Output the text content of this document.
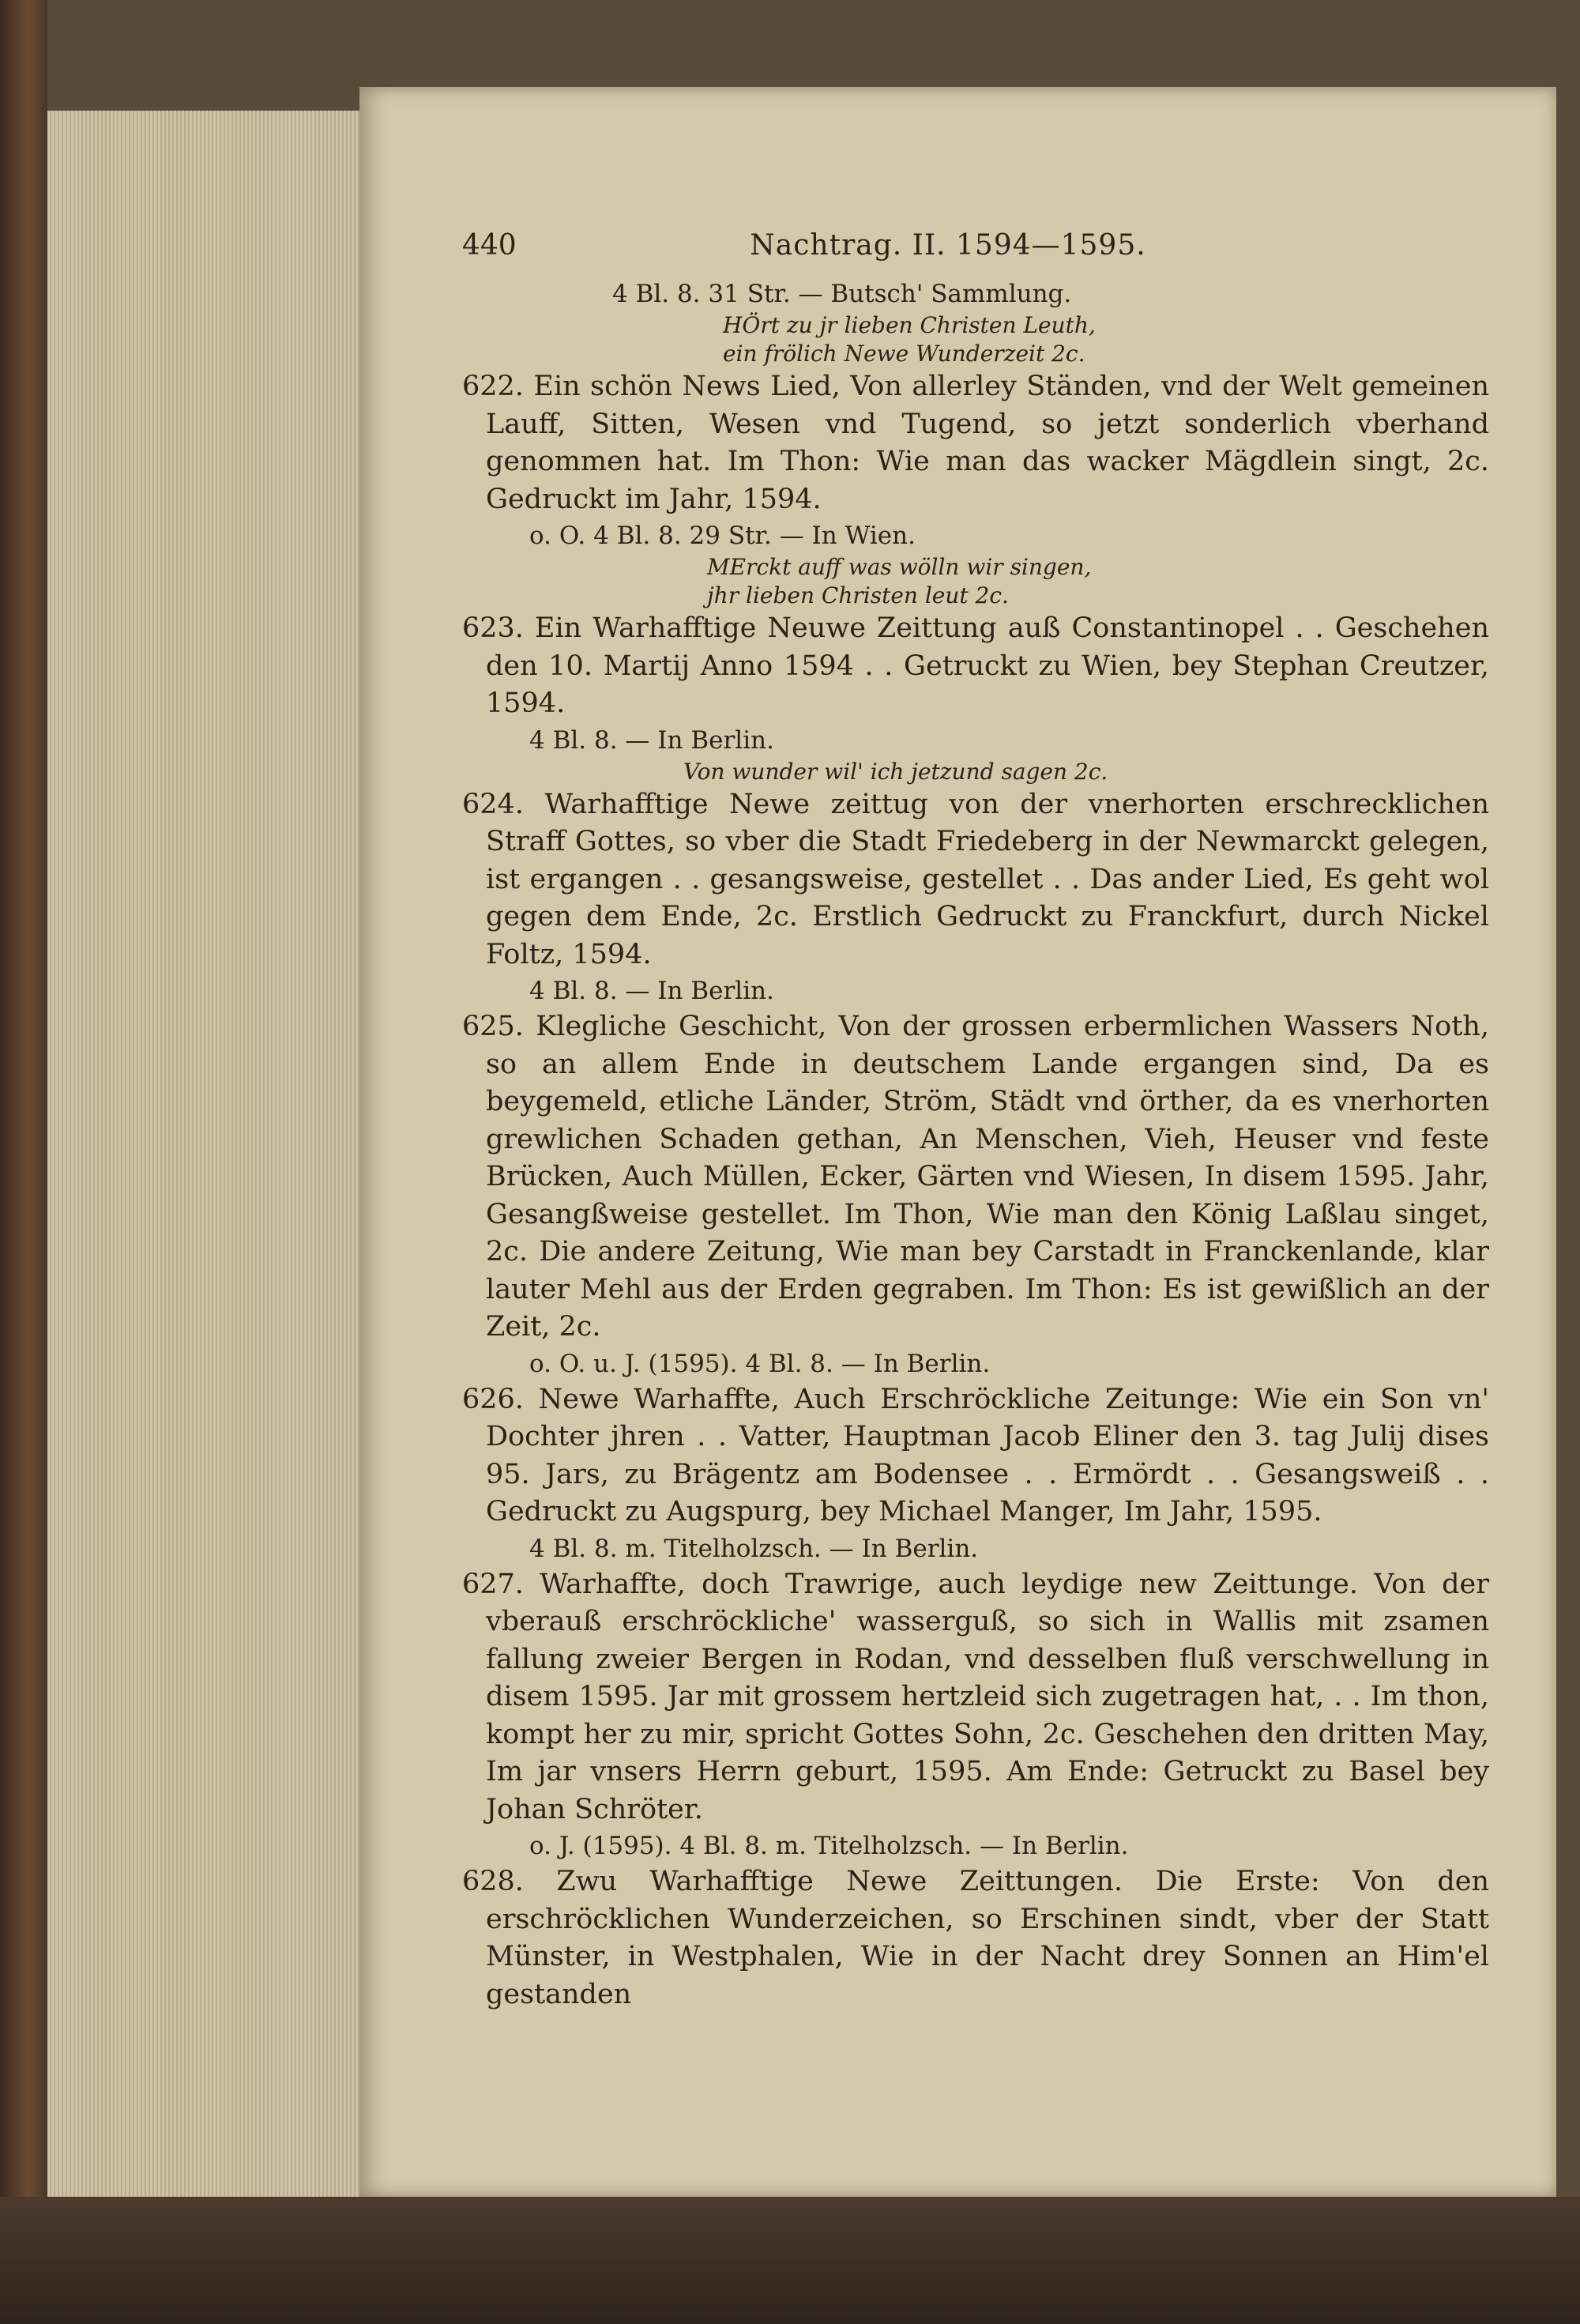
440	Nachtrag. II. 1594—1595.

4 Bl. 8. 31 Str. — Butsch' Sammlung.

HÖrt zu jr lieben Christen Leuth,

ein frölich Newe Wunderzeit 2c.

622. Ein schön News Lied, Von allerley Ständen, vnd der Welt gemeinen Lauff, Sitten, Wesen vnd Tugend, so jetzt sonderlich vberhand genommen hat. Im Thon: Wie man das wacker Mägdlein singt, 2c. Gedruckt im Jahr, 1594.

o. O. 4 Bl. 8. 29 Str. — In Wien.

MErckt auff was wölln wir singen,

jhr lieben Christen leut 2c.

623. Ein Warhafftige Neuwe Zeittung auß Constantinopel . . Geschehen den 10. Martij Anno 1594 . . Getruckt zu Wien, bey Stephan Creutzer, 1594.

4 Bl. 8. — In Berlin.

Von wunder wil' ich jetzund sagen 2c.

624. Warhafftige Newe zeittug von der vnerhorten erschrecklichen Straff Gottes, so vber die Stadt Friedeberg in der Newmarckt gelegen, ist ergangen . . gesangsweise, gestellet . . Das ander Lied, Es geht wol gegen dem Ende, 2c. Erstlich Gedruckt zu Franckfurt, durch Nickel Foltz, 1594.

4 Bl. 8. — In Berlin.

625. Klegliche Geschicht, Von der grossen erbermlichen Wassers Noth, so an allem Ende in deutschem Lande ergangen sind, Da es beygemeld, etliche Länder, Ström, Städt vnd örther, da es vnerhorten grewlichen Schaden gethan, An Menschen, Vieh, Heuser vnd feste Brücken, Auch Müllen, Ecker, Gärten vnd Wiesen, In disem 1595. Jahr, Gesangßweise gestellet. Im Thon, Wie man den König Laßlau singet, 2c. Die andere Zeitung, Wie man bey Carstadt in Franckenlande, klar lauter Mehl aus der Erden gegraben. Im Thon: Es ist gewißlich an der Zeit, 2c.

o. O. u. J. (1595). 4 Bl. 8. — In Berlin.

626. Newe Warhaffte, Auch Erschröckliche Zeitunge: Wie ein Son vn' Dochter jhren . . Vatter, Hauptman Jacob Eliner den 3. tag Julij dises 95. Jars, zu Brägentz am Bodensee . . Ermördt . . Gesangsweiß . . Gedruckt zu Augspurg, bey Michael Manger, Im Jahr, 1595.

4 Bl. 8. m. Titelholzsch. — In Berlin.

627. Warhaffte, doch Trawrige, auch leydige new Zeittunge. Von der vberauß erschröckliche' wasserguß, so sich in Wallis mit zsamen fallung zweier Bergen in Rodan, vnd desselben fluß verschwellung in disem 1595. Jar mit grossem hertzleid sich zugetragen hat, . . Im thon, kompt her zu mir, spricht Gottes Sohn, 2c. Geschehen den dritten May, Im jar vnsers Herrn geburt, 1595. Am Ende: Getruckt zu Basel bey Johan Schröter.

o. J. (1595). 4 Bl. 8. m. Titelholzsch. — In Berlin.

628. Zwu Warhafftige Newe Zeittungen. Die Erste: Von den erschröcklichen Wunderzeichen, so Erschinen sindt, vber der Statt Münster, in Westphalen, Wie in der Nacht drey Sonnen an Him'el gestanden
